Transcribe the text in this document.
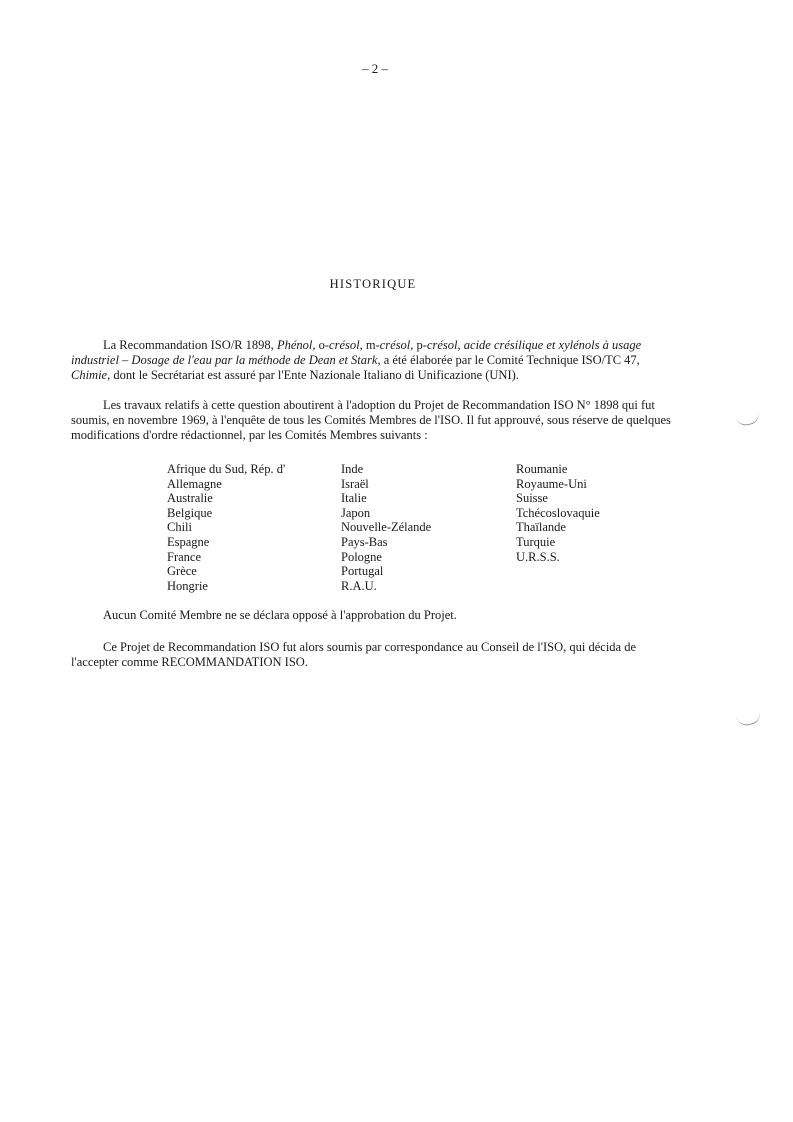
– 2 –
HISTORIQUE

La Recommandation ISO/R 1898, Phénol, o-crésol, m-crésol, p-crésol, acide crésilique et xylénols à usage industriel – Dosage de l'eau par la méthode de Dean et Stark, a été élaborée par le Comité Technique ISO/TC 47, Chimie, dont le Secrétariat est assuré par l'Ente Nazionale Italiano di Unificazione (UNI).

Les travaux relatifs à cette question aboutirent à l'adoption du Projet de Recommandation ISO N° 1898 qui fut soumis, en novembre 1969, à l'enquête de tous les Comités Membres de l'ISO. Il fut approuvé, sous réserve de quelques modifications d'ordre rédactionnel, par les Comités Membres suivants :

Afrique du Sud, Rép. d'
Allemagne
Australie
Belgique
Chili
Espagne
France
Grèce
Hongrie
Inde
Israël
Italie
Japon
Nouvelle-Zélande
Pays-Bas
Pologne
Portugal
R.A.U.
Roumanie
Royaume-Uni
Suisse
Tchécoslovaquie
Thaïlande
Turquie
U.R.S.S.

Aucun Comité Membre ne se déclara opposé à l'approbation du Projet.

Ce Projet de Recommandation ISO fut alors soumis par correspondance au Conseil de l'ISO, qui décida de l'accepter comme RECOMMANDATION ISO.
